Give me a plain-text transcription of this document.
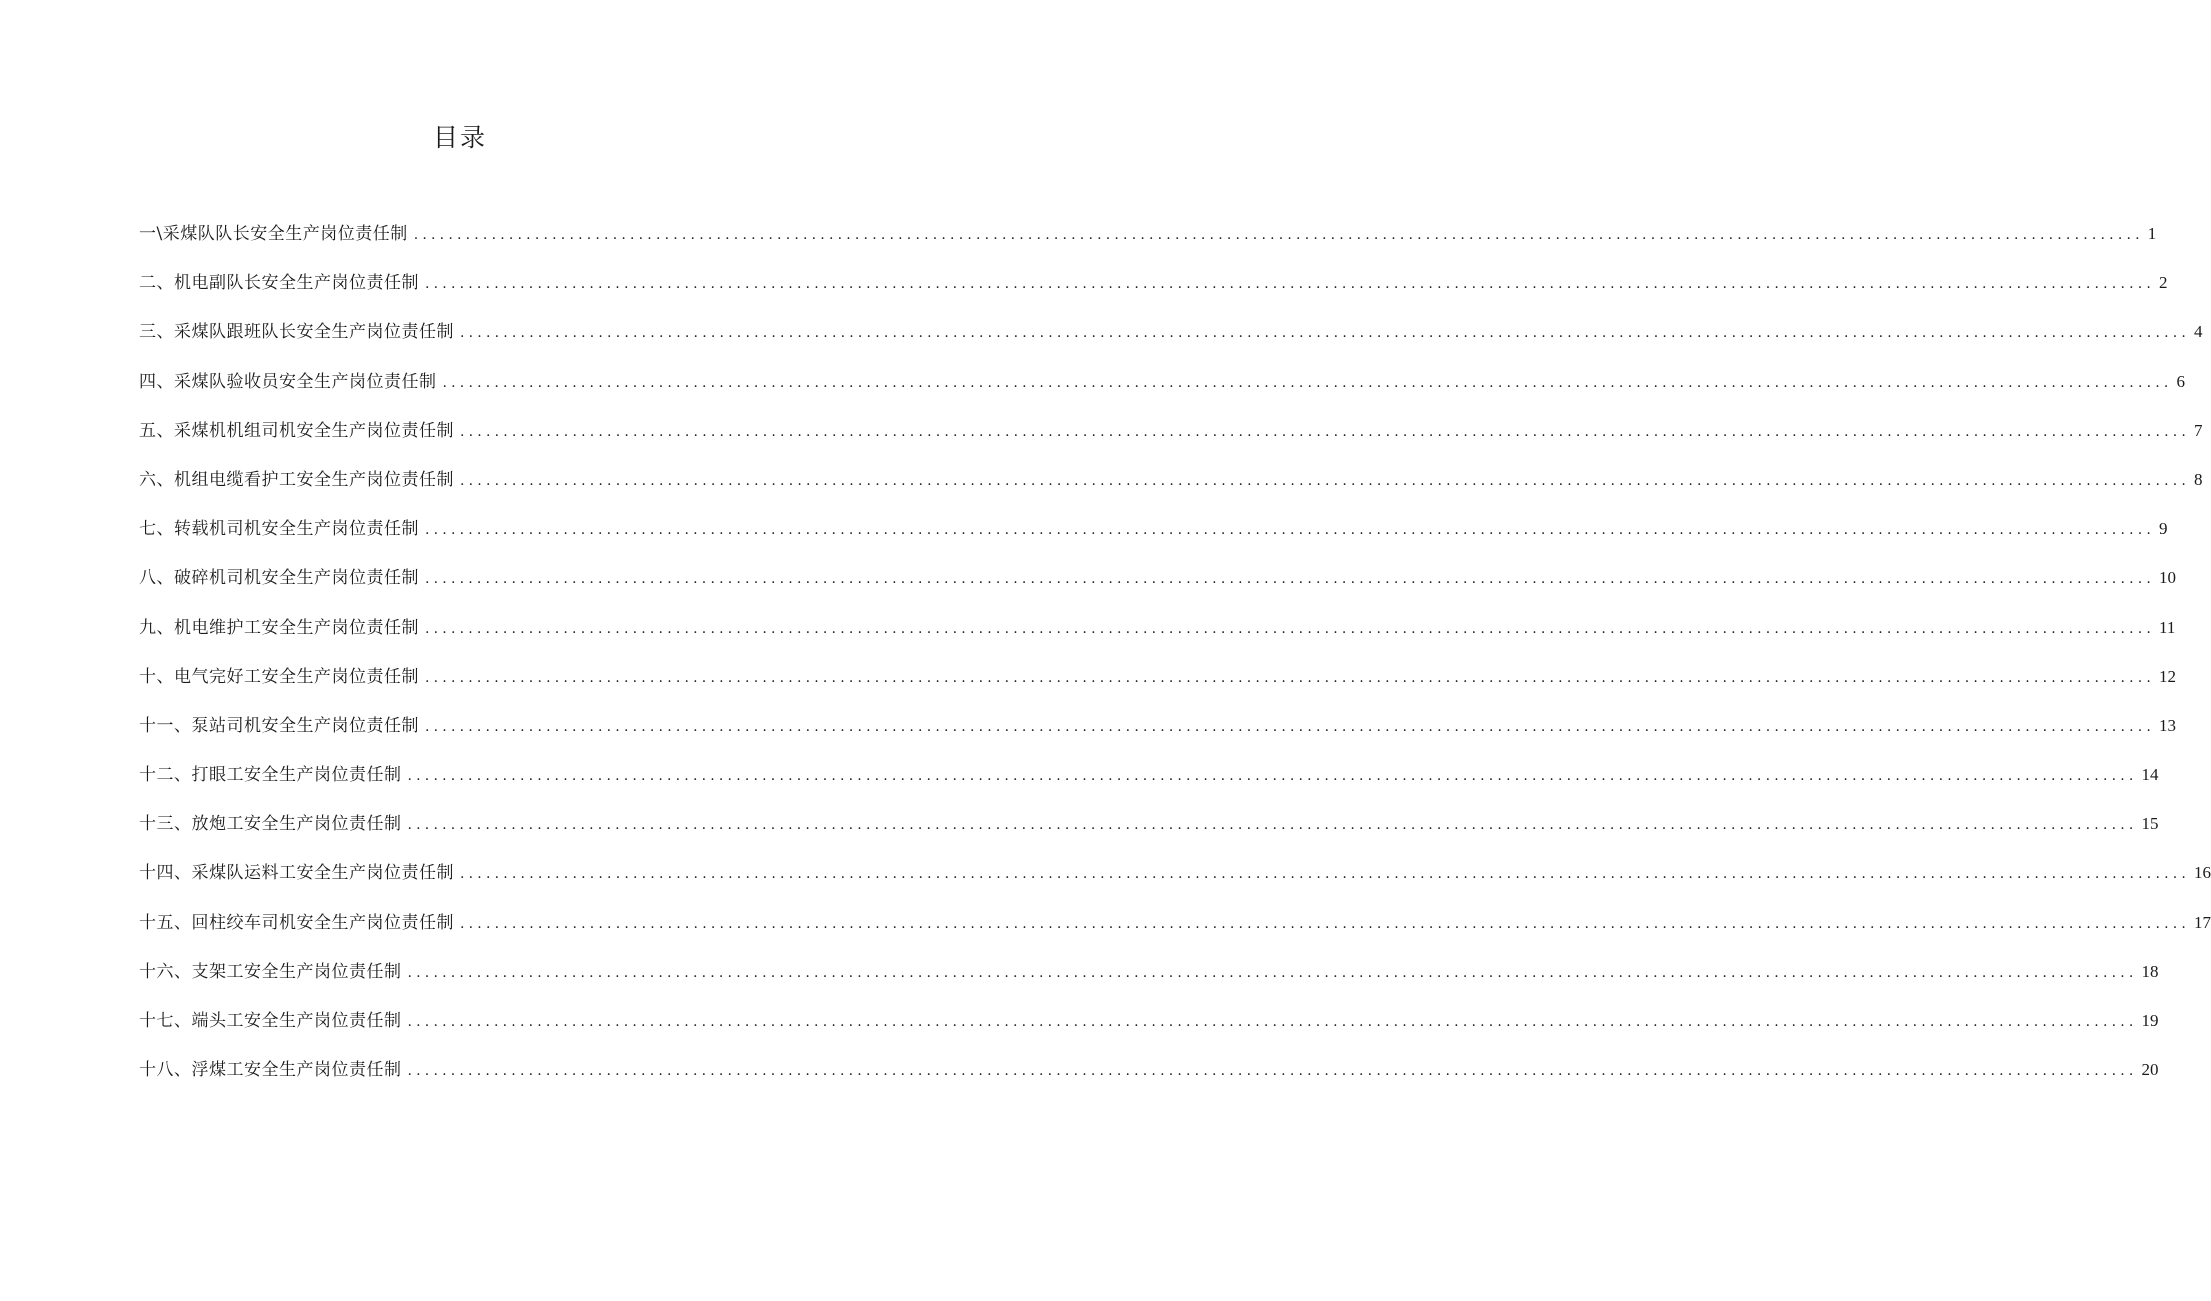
目录
一\采煤队队长安全生产岗位责任制 ........................................................................................................................................................................................................ 1
二、机电副队长安全生产岗位责任制 ........................................................................................................................................................................................................ 2
三、采煤队跟班队长安全生产岗位责任制 ........................................................................................................................................................................................................ 4
四、采煤队验收员安全生产岗位责任制 ........................................................................................................................................................................................................ 6
五、采煤机机组司机安全生产岗位责任制 ........................................................................................................................................................................................................ 7
六、机组电缆看护工安全生产岗位责任制 ........................................................................................................................................................................................................ 8
七、转载机司机安全生产岗位责任制 ........................................................................................................................................................................................................ 9
八、破碎机司机安全生产岗位责任制 ........................................................................................................................................................................................................ 10
九、机电维护工安全生产岗位责任制 ........................................................................................................................................................................................................ 11
十、电气完好工安全生产岗位责任制 ........................................................................................................................................................................................................ 12
十一、泵站司机安全生产岗位责任制 ........................................................................................................................................................................................................ 13
十二、打眼工安全生产岗位责任制 ........................................................................................................................................................................................................ 14
十三、放炮工安全生产岗位责任制 ........................................................................................................................................................................................................ 15
十四、采煤队运料工安全生产岗位责任制 ........................................................................................................................................................................................................ 16
十五、回柱绞车司机安全生产岗位责任制 ........................................................................................................................................................................................................ 17
十六、支架工安全生产岗位责任制 ........................................................................................................................................................................................................ 18
十七、端头工安全生产岗位责任制 ........................................................................................................................................................................................................ 19
十八、浮煤工安全生产岗位责任制 ........................................................................................................................................................................................................ 20
